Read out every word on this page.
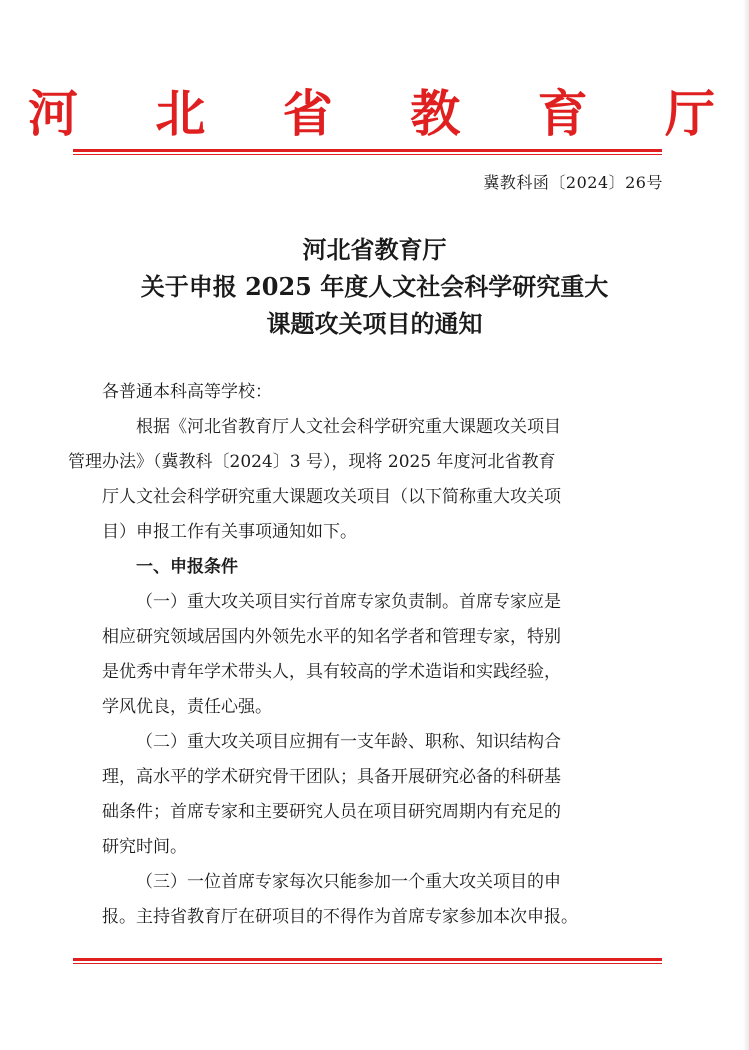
河 北 省 教 育 厅
冀教科函〔2024〕26号
河北省教育厅
关于申报 2025 年度人文社会科学研究重大
课题攻关项目的通知

各普通本科高等学校：

根据《河北省教育厅人文社会科学研究重大课题攻关项目
管理办法》（冀教科〔2024〕3 号），现将 2025 年度河北省教育
厅人文社会科学研究重大课题攻关项目（以下简称重大攻关项
目）申报工作有关事项通知如下。

一、申报条件

（一）重大攻关项目实行首席专家负责制。首席专家应是
相应研究领域居国内外领先水平的知名学者和管理专家，特别
是优秀中青年学术带头人，具有较高的学术造诣和实践经验，
学风优良，责任心强。

（二）重大攻关项目应拥有一支年龄、职称、知识结构合
理，高水平的学术研究骨干团队；具备开展研究必备的科研基
础条件；首席专家和主要研究人员在项目研究周期内有充足的
研究时间。

（三）一位首席专家每次只能参加一个重大攻关项目的申
报。主持省教育厅在研项目的不得作为首席专家参加本次申报。
